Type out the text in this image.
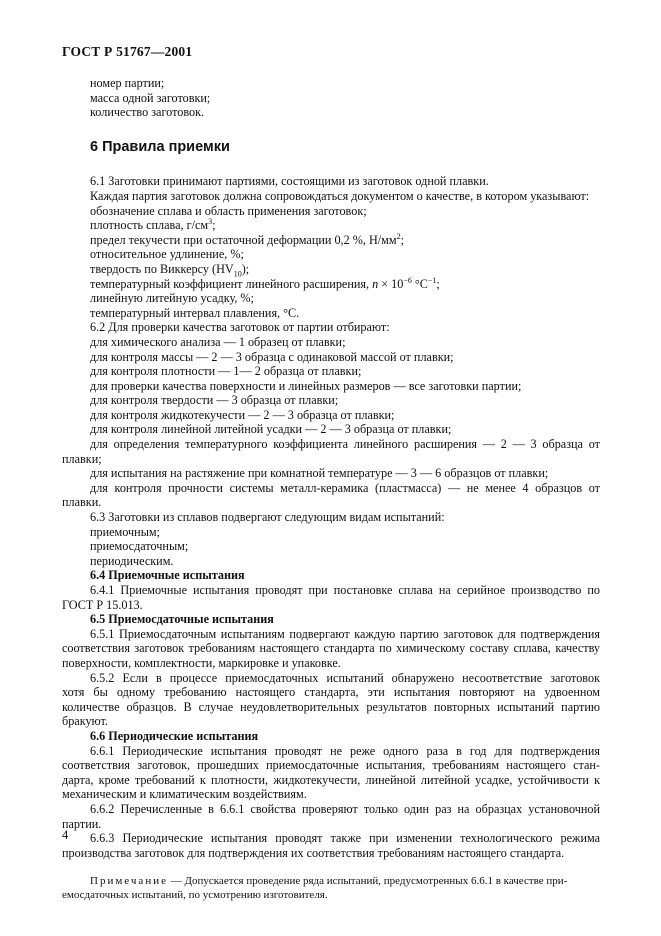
ГОСТ Р 51767—2001

номер партии;

масса одной заготовки;

количество заготовок.

6 Правила приемки

6.1 Заготовки принимают партиями, состоящими из заготовок одной плавки.

Каждая партия заготовок должна сопровождаться документом о качестве, в котором указывают:

обозначение сплава и область применения заготовок;

плотность сплава, $г/см^3$;

предел текучести при остаточной деформации 0,2 %, $Н/мм^2$;

относительное удлинение, %;

твердость по Виккерсу $(HV_{10})$;

температурный коэффициент линейного расширения, $n \times 10^{-6}$ $^\circ С^{-1}$;

линейную литейную усадку, %;

температурный интервал плавления, °С.

6.2 Для проверки качества заготовок от партии отбирают:

для химического анализа — 1 образец от плавки;

для контроля массы — 2 — 3 образца с одинаковой массой от плавки;

для контроля плотности — 1— 2 образца от плавки;

для проверки качества поверхности и линейных размеров — все заготовки партии;

для контроля твердости — 3 образца от плавки;

для контроля жидкотекучести — 2 — 3 образца от плавки;

для контроля линейной литейной усадки — 2 — 3 образца от плавки;

для определения температурного коэффициента линейного расширения — 2 — 3 образца от

плавки;

для испытания на растяжение при комнатной температуре — 3 — 6 образцов от плавки;

для контроля прочности системы металл-керамика (пластмасса) — не менее 4 образцов от

плавки.

6.3 Заготовки из сплавов подвергают следующим видам испытаний:

приемочным;

приемосдаточным;

периодическим.

6.4 Приемочные испытания

6.4.1 Приемочные испытания проводят при постановке сплава на серийное производство по

ГОСТ Р 15.013.

6.5 Приемосдаточные испытания

6.5.1 Приемосдаточным испытаниям подвергают каждую партию заготовок для подтверждения

соответствия заготовок требованиям настоящего стандарта по химическому составу сплава, качеству

поверхности, комплектности, маркировке и упаковке.

6.5.2 Если в процессе приемосдаточных испытаний обнаружено несоответствие заготовок

хотя бы одному требованию настоящего стандарта, эти испытания повторяют на удвоенном

количестве образцов. В случае неудовлетворительных результатов повторных испытаний партию

бракуют.

6.6 Периодические испытания

6.6.1 Периодические испытания проводят не реже одного раза в год для подтверждения

соответствия заготовок, прошедших приемосдаточные испытания, требованиям настоящего стан-

дарта, кроме требований к плотности, жидкотекучести, линейной литейной усадке, устойчивости к

механическим и климатическим воздействиям.

6.6.2 Перечисленные в 6.6.1 свойства проверяют только один раз на образцах установочной

партии.

6.6.3 Периодические испытания проводят также при изменении технологического режима

производства заготовок для подтверждения их соответствия требованиям настоящего стандарта.

Примечание — Допускается проведение ряда испытаний, предусмотренных 6.6.1 в качестве при-
емосдаточных испытаний, по усмотрению изготовителя.
4
